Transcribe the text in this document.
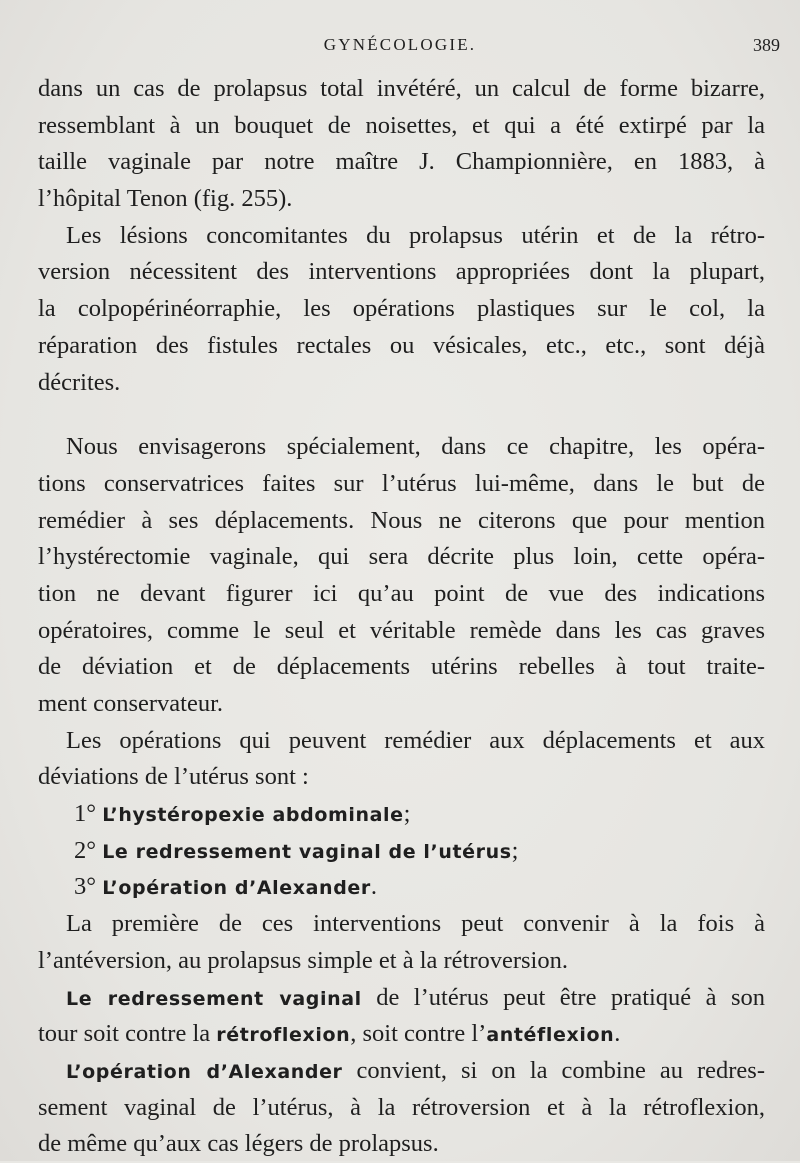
GYNÉCOLOGIE.	389
dans un cas de prolapsus total invétéré, un calcul de forme bizarre,
ressemblant à un bouquet de noisettes, et qui a été extirpé par la
taille vaginale par notre maître J. Championnière, en 1883, à
l’hôpital Tenon (fig. 255).
Les lésions concomitantes du prolapsus utérin et de la rétro-
version nécessitent des interventions appropriées dont la plupart,
la colpopérinéorraphie, les opérations plastiques sur le col, la
réparation des fistules rectales ou vésicales, etc., etc., sont déjà
décrites.
Nous envisagerons spécialement, dans ce chapitre, les opéra-
tions conservatrices faites sur l’utérus lui-même, dans le but de
remédier à ses déplacements. Nous ne citerons que pour mention
l’hystérectomie vaginale, qui sera décrite plus loin, cette opéra-
tion ne devant figurer ici qu’au point de vue des indications
opératoires, comme le seul et véritable remède dans les cas graves
de déviation et de déplacements utérins rebelles à tout traite-
ment conservateur.
Les opérations qui peuvent remédier aux déplacements et aux
déviations de l’utérus sont :
1° L’hystéropexie abdominale;
2° Le redressement vaginal de l’utérus;
3° L’opération d’Alexander.
La première de ces interventions peut convenir à la fois à
l’antéversion, au prolapsus simple et à la rétroversion.
Le redressement vaginal de l’utérus peut être pratiqué à son
tour soit contre la rétroflexion, soit contre l’antéflexion.
L’opération d’Alexander convient, si on la combine au redres-
sement vaginal de l’utérus, à la rétroversion et à la rétroflexion,
de même qu’aux cas légers de prolapsus.
